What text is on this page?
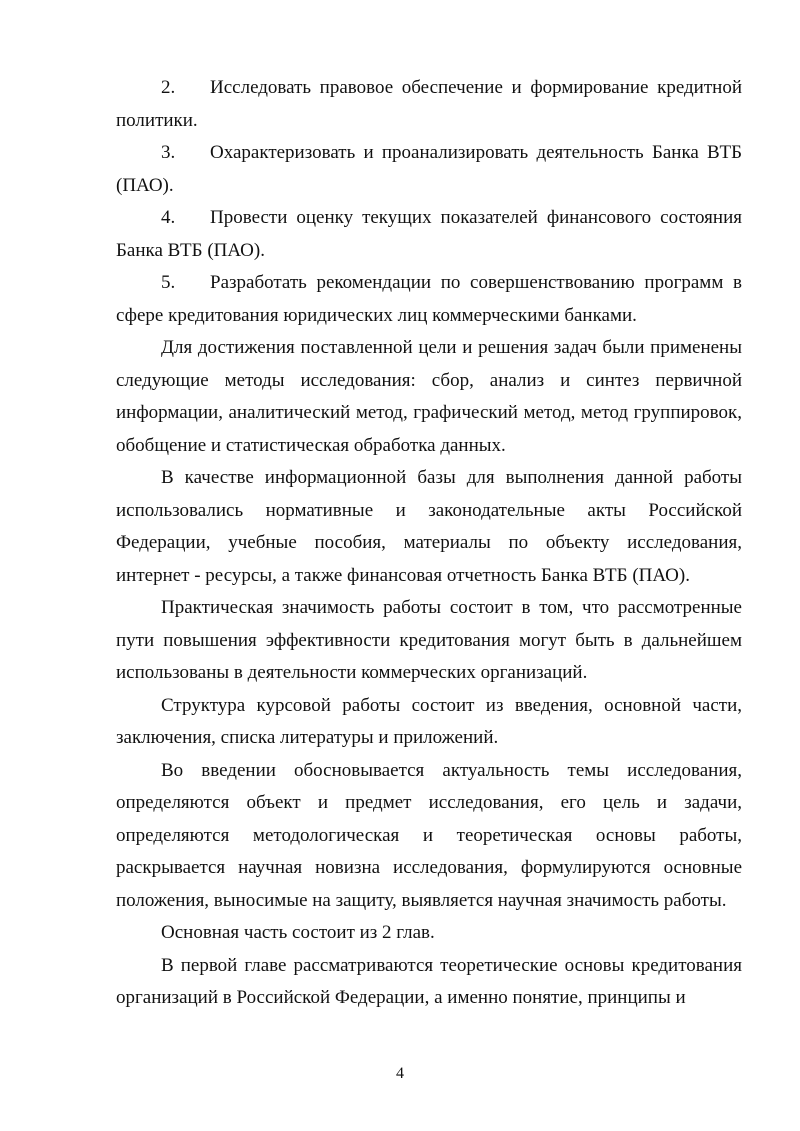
2. Исследовать правовое обеспечение и формирование кредитной политики.

3. Охарактеризовать и проанализировать деятельность Банка ВТБ (ПАО).

4. Провести оценку текущих показателей финансового состояния Банка ВТБ (ПАО).

5. Разработать рекомендации по совершенствованию программ в сфере кредитования юридических лиц коммерческими банками.

Для достижения поставленной цели и решения задач были применены следующие методы исследования: сбор, анализ и синтез первичной информации, аналитический метод, графический метод, метод группировок, обобщение и статистическая обработка данных.

В качестве информационной базы для выполнения данной работы использовались нормативные и законодательные акты Российской Федерации, учебные пособия, материалы по объекту исследования, интернет - ресурсы, а также финансовая отчетность Банка ВТБ (ПАО).

Практическая значимость работы состоит в том, что рассмотренные пути повышения эффективности кредитования могут быть в дальнейшем использованы в деятельности коммерческих организаций.

Структура курсовой работы состоит из введения, основной части, заключения, списка литературы и приложений.

Во введении обосновывается актуальность темы исследования, определяются объект и предмет исследования, его цель и задачи, определяются методологическая и теоретическая основы работы, раскрывается научная новизна исследования, формулируются основные положения, выносимые на защиту, выявляется научная значимость работы.

Основная часть состоит из 2 глав.

В первой главе рассматриваются теоретические основы кредитования организаций в Российской Федерации, а именно понятие, принципы и

4
